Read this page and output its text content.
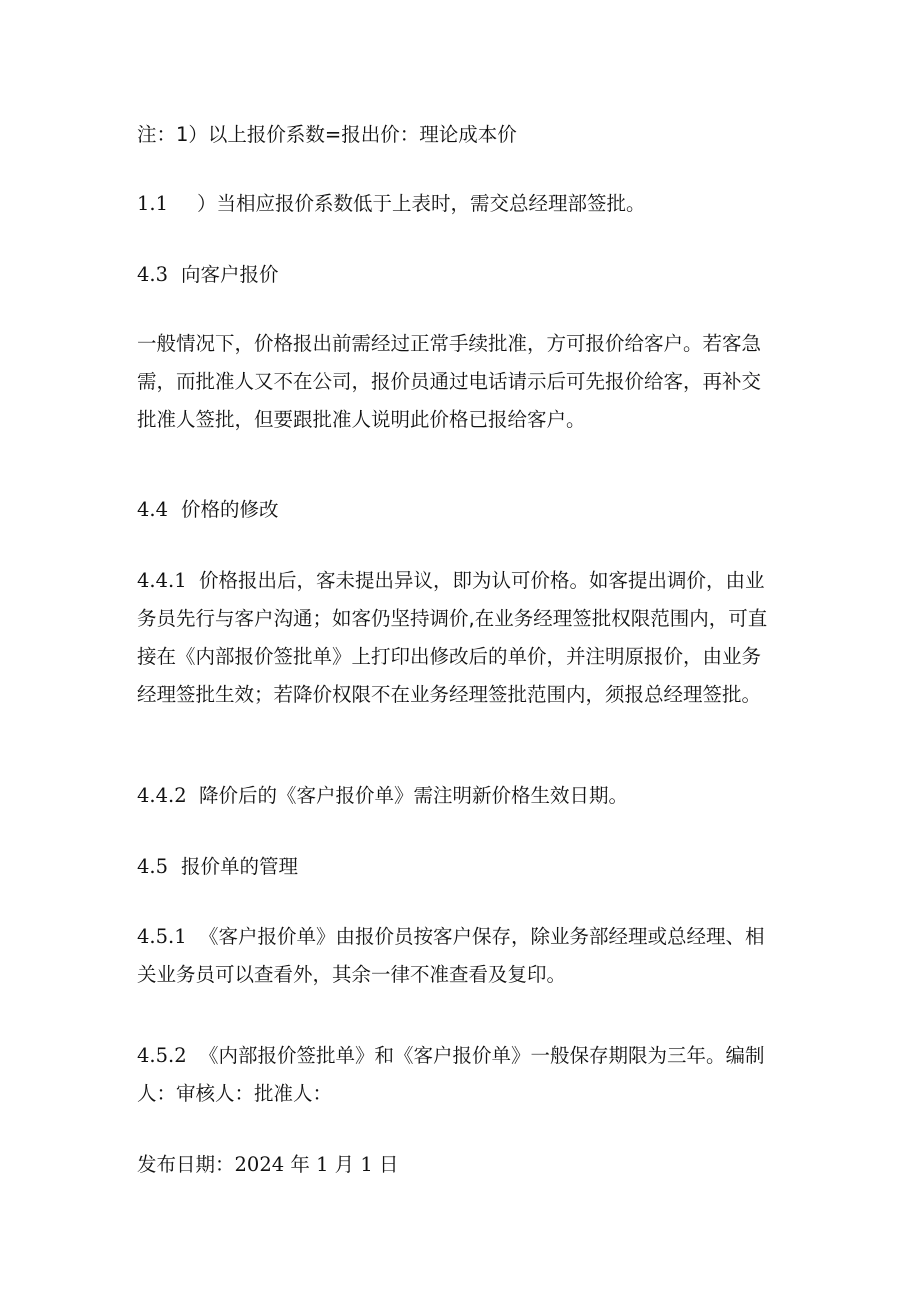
注：1）以上报价系数=报出价：理论成本价

1.1 ）当相应报价系数低于上表时，需交总经理部签批。

4.3 向客户报价

一般情况下，价格报出前需经过正常手续批准，方可报价给客户。若客急
需，而批准人又不在公司，报价员通过电话请示后可先报价给客，再补交
批准人签批，但要跟批准人说明此价格已报给客户。

4.4 价格的修改

4.4.1 价格报出后，客未提出异议，即为认可价格。如客提出调价，由业
务员先行与客户沟通；如客仍坚持调价,在业务经理签批权限范围内，可直
接在《内部报价签批单》上打印出修改后的单价，并注明原报价，由业务
经理签批生效；若降价权限不在业务经理签批范围内，须报总经理签批。

4.4.2 降价后的《客户报价单》需注明新价格生效日期。

4.5 报价单的管理

4.5.1 《客户报价单》由报价员按客户保存，除业务部经理或总经理、相
关业务员可以查看外，其余一律不准查看及复印。
4.5.2 《内部报价签批单》和《客户报价单》一般保存期限为三年。编制
人：审核人：批准人：

发布日期：2024 年 1 月 1 日
